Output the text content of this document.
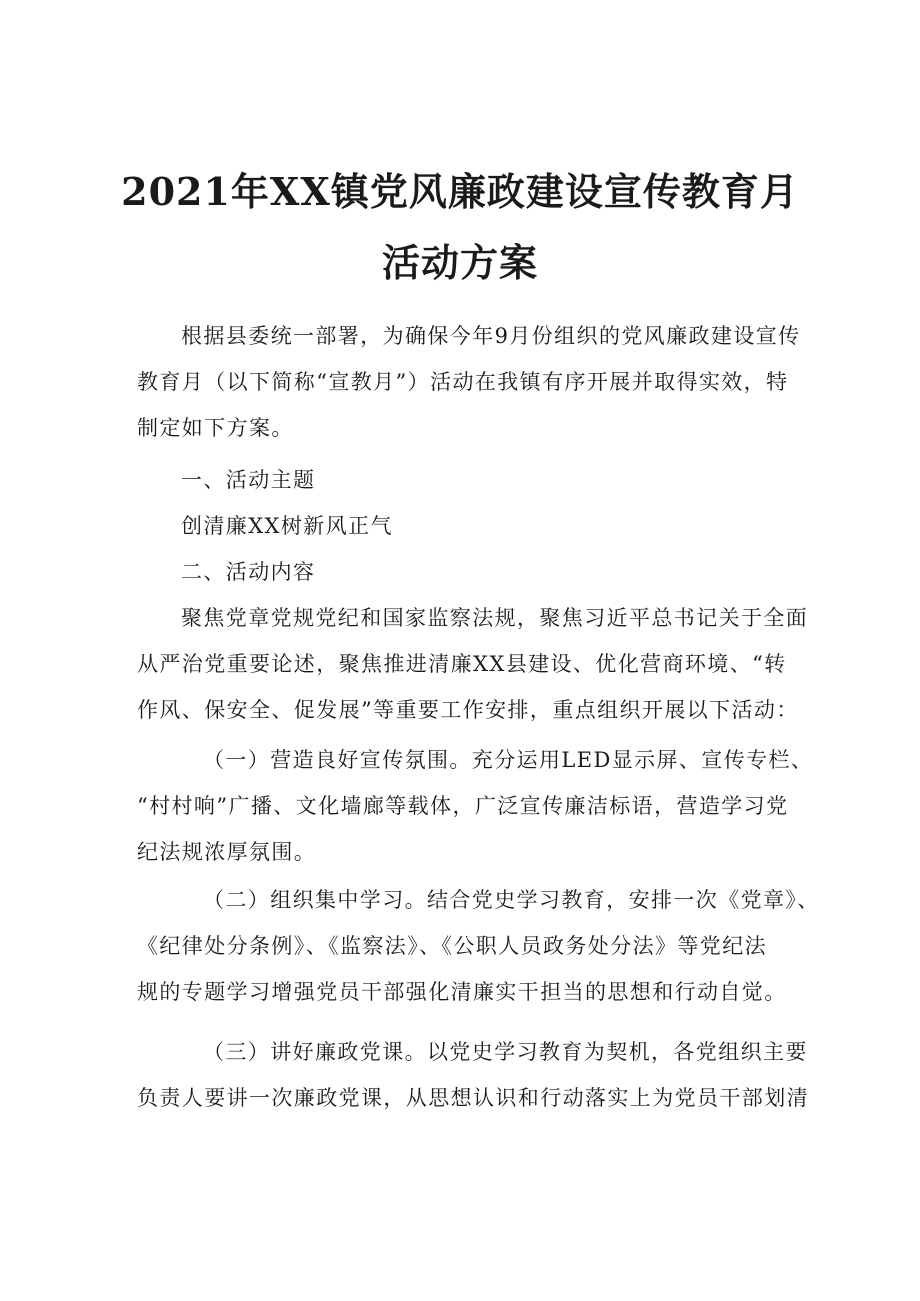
2021年XX镇党风廉政建设宣传教育月
活动方案
根据县委统一部署，为确保今年9月份组织的党风廉政建设宣传
教育月（以下简称“宣教月”）活动在我镇有序开展并取得实效，特
制定如下方案。
一、活动主题
创清廉XX树新风正气
二、活动内容
聚焦党章党规党纪和国家监察法规，聚焦习近平总书记关于全面
从严治党重要论述，聚焦推进清廉XX县建设、优化营商环境、“转
作风、保安全、促发展”等重要工作安排，重点组织开展以下活动：
（一）营造良好宣传氛围。充分运用LED显示屏、宣传专栏、
“村村响”广播、文化墙廊等载体，广泛宣传廉洁标语，营造学习党
纪法规浓厚氛围。
（二）组织集中学习。结合党史学习教育，安排一次《党章》、
《纪律处分条例》、《监察法》、《公职人员政务处分法》等党纪法
规的专题学习增强党员干部强化清廉实干担当的思想和行动自觉。
（三）讲好廉政党课。以党史学习教育为契机，各党组织主要
负责人要讲一次廉政党课，从思想认识和行动落实上为党员干部划清
